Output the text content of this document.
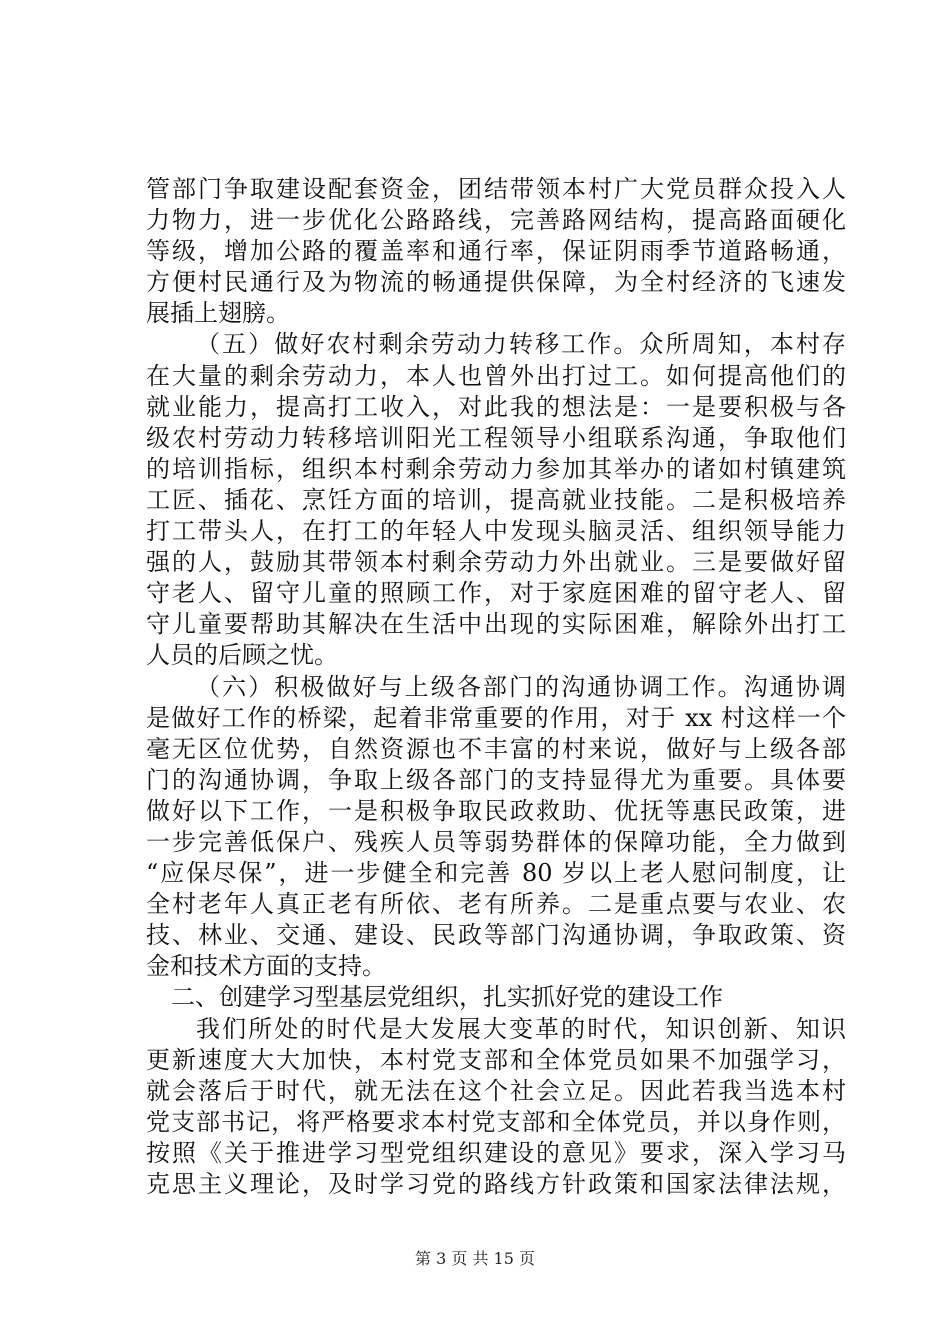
管部门争取建设配套资金，团结带领本村广大党员群众投入人
力物力，进一步优化公路路线，完善路网结构，提高路面硬化
等级，增加公路的覆盖率和通行率，保证阴雨季节道路畅通，
方便村民通行及为物流的畅通提供保障，为全村经济的飞速发
展插上翅膀。
（五）做好农村剩余劳动力转移工作。众所周知，本村存
在大量的剩余劳动力，本人也曾外出打过工。如何提高他们的
就业能力，提高打工收入，对此我的想法是：一是要积极与各
级农村劳动力转移培训阳光工程领导小组联系沟通，争取他们
的培训指标，组织本村剩余劳动力参加其举办的诸如村镇建筑
工匠、插花、烹饪方面的培训，提高就业技能。二是积极培养
打工带头人，在打工的年轻人中发现头脑灵活、组织领导能力
强的人，鼓励其带领本村剩余劳动力外出就业。三是要做好留
守老人、留守儿童的照顾工作，对于家庭困难的留守老人、留
守儿童要帮助其解决在生活中出现的实际困难，解除外出打工
人员的后顾之忧。
（六）积极做好与上级各部门的沟通协调工作。沟通协调
是做好工作的桥梁，起着非常重要的作用，对于 xx 村这样一个
毫无区位优势，自然资源也不丰富的村来说，做好与上级各部
门的沟通协调，争取上级各部门的支持显得尤为重要。具体要
做好以下工作，一是积极争取民政救助、优抚等惠民政策，进
一步完善低保户、残疾人员等弱势群体的保障功能，全力做到
“应保尽保”，进一步健全和完善 80 岁以上老人慰问制度，让
全村老年人真正老有所依、老有所养。二是重点要与农业、农
技、林业、交通、建设、民政等部门沟通协调，争取政策、资
金和技术方面的支持。
二、创建学习型基层党组织，扎实抓好党的建设工作
我们所处的时代是大发展大变革的时代，知识创新、知识
更新速度大大加快，本村党支部和全体党员如果不加强学习，
就会落后于时代，就无法在这个社会立足。因此若我当选本村
党支部书记，将严格要求本村党支部和全体党员，并以身作则，
按照《关于推进学习型党组织建设的意见》要求，深入学习马
克思主义理论，及时学习党的路线方针政策和国家法律法规，
第 3 页 共 15 页
